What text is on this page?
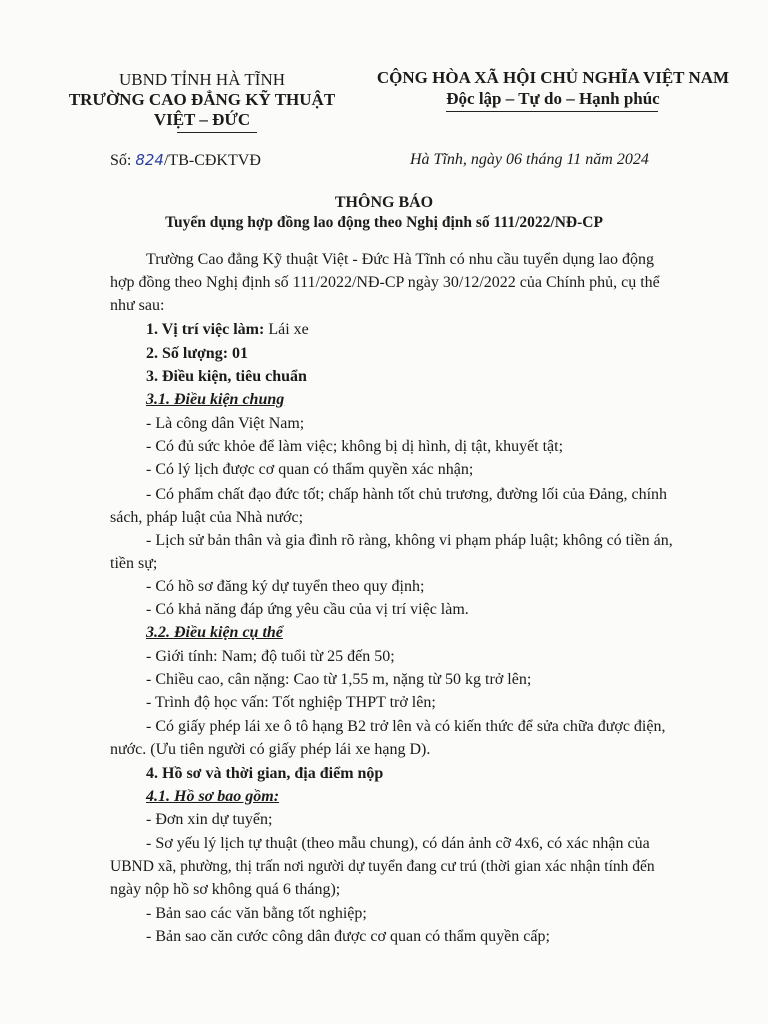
UBND TỈNH HÀ TĨNH
TRƯỜNG CAO ĐẲNG KỸ THUẬT
VIỆT – ĐỨC
CỘNG HÒA XÃ HỘI CHỦ NGHĨA VIỆT NAM
Độc lập – Tự do – Hạnh phúc
Số: 824/TB-CĐKTVĐ	Hà Tĩnh, ngày 06 tháng 11 năm 2024
THÔNG BÁO
Tuyển dụng hợp đồng lao động theo Nghị định số 111/2022/NĐ-CP
Trường Cao đẳng Kỹ thuật Việt - Đức Hà Tĩnh có nhu cầu tuyển dụng lao động
hợp đồng theo Nghị định số 111/2022/NĐ-CP ngày 30/12/2022 của Chính phủ, cụ thể
như sau:
1. Vị trí việc làm: Lái xe
2. Số lượng: 01
3. Điều kiện, tiêu chuẩn
3.1. Điều kiện chung
- Là công dân Việt Nam;
- Có đủ sức khỏe để làm việc; không bị dị hình, dị tật, khuyết tật;
- Có lý lịch được cơ quan có thẩm quyền xác nhận;
- Có phẩm chất đạo đức tốt; chấp hành tốt chủ trương, đường lối của Đảng, chính
sách, pháp luật của Nhà nước;
- Lịch sử bản thân và gia đình rõ ràng, không vi phạm pháp luật; không có tiền án,
tiền sự;
- Có hồ sơ đăng ký dự tuyển theo quy định;
- Có khả năng đáp ứng yêu cầu của vị trí việc làm.
3.2. Điều kiện cụ thể
- Giới tính: Nam; độ tuổi từ 25 đến 50;
- Chiều cao, cân nặng: Cao từ 1,55 m, nặng từ 50 kg trở lên;
- Trình độ học vấn: Tốt nghiệp THPT trở lên;
- Có giấy phép lái xe ô tô hạng B2 trở lên và có kiến thức để sửa chữa được điện,
nước. (Ưu tiên người có giấy phép lái xe hạng D).
4. Hồ sơ và thời gian, địa điểm nộp
4.1. Hồ sơ bao gồm:
- Đơn xin dự tuyển;
- Sơ yếu lý lịch tự thuật (theo mẫu chung), có dán ảnh cỡ 4x6, có xác nhận của
UBND xã, phường, thị trấn nơi người dự tuyển đang cư trú (thời gian xác nhận tính đến
ngày nộp hồ sơ không quá 6 tháng);
- Bản sao các văn bằng tốt nghiệp;
- Bản sao căn cước công dân được cơ quan có thẩm quyền cấp;
